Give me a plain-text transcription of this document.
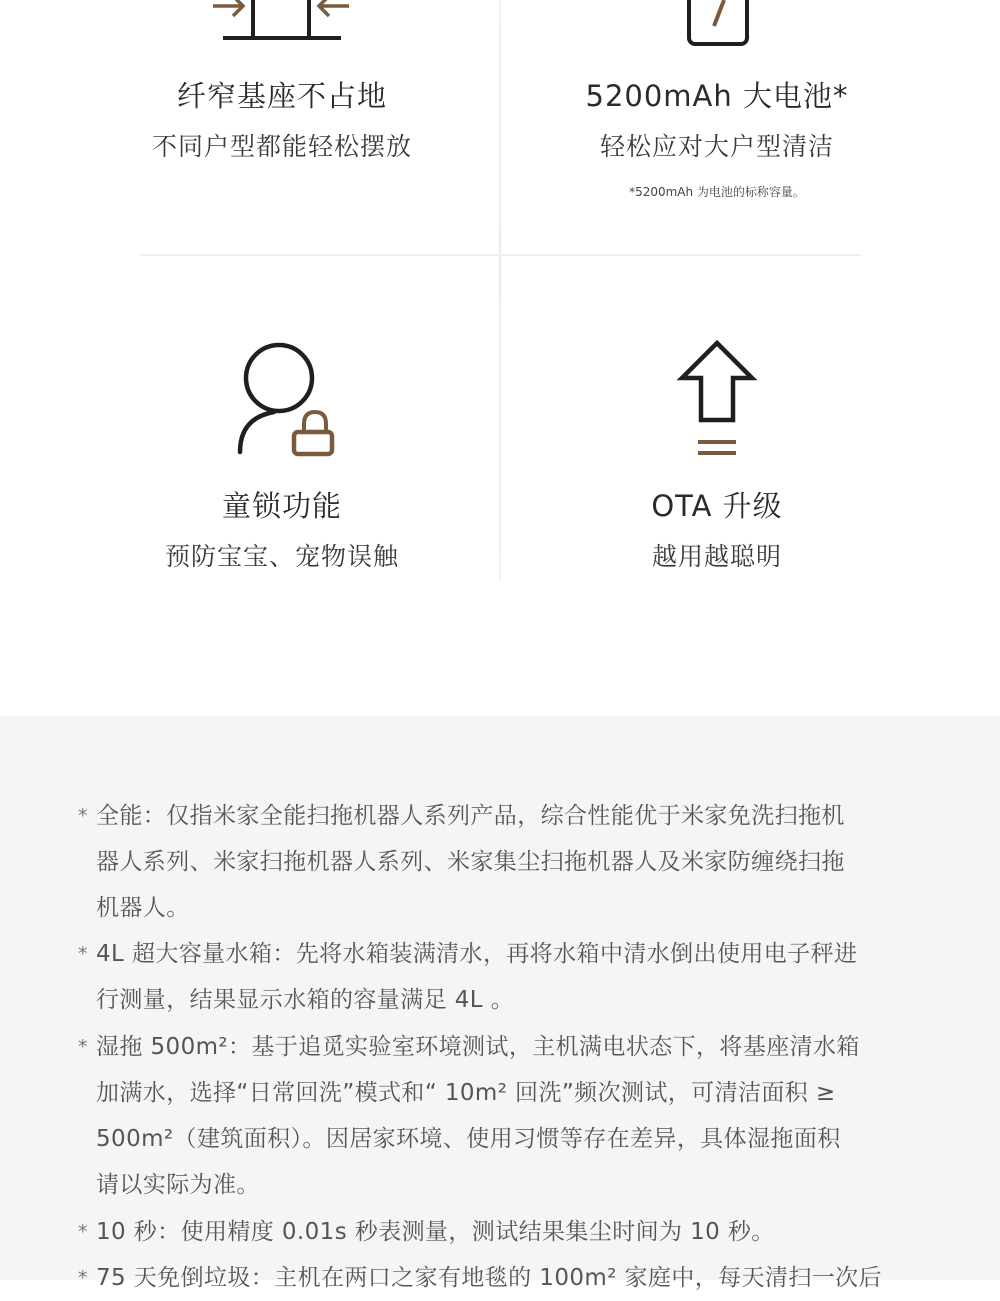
纤窄基座不占地
不同户型都能轻松摆放
5200mAh 大电池*
轻松应对大户型清洁
*5200mAh 为电池的标称容量。
童锁功能
预防宝宝、宠物误触
OTA 升级
越用越聪明
* 全能：仅指米家全能扫拖机器人系列产品，综合性能优于米家免洗扫拖机
器人系列、米家扫拖机器人系列、米家集尘扫拖机器人及米家防缠绕扫拖
机器人。
* 4L 超大容量水箱：先将水箱装满清水，再将水箱中清水倒出使用电子秤进
行测量，结果显示水箱的容量满足 4L 。
* 湿拖 500m²：基于追觅实验室环境测试，主机满电状态下，将基座清水箱
加满水，选择“日常回洗”模式和“ 10m² 回洗”频次测试，可清洁面积 ≥
500m²（建筑面积）。因居家环境、使用习惯等存在差异，具体湿拖面积
请以实际为准。
* 10 秒：使用精度 0.01s 秒表测量，测试结果集尘时间为 10 秒。
* 75 天免倒垃圾：主机在两口之家有地毯的 100m² 家庭中，每天清扫一次后
